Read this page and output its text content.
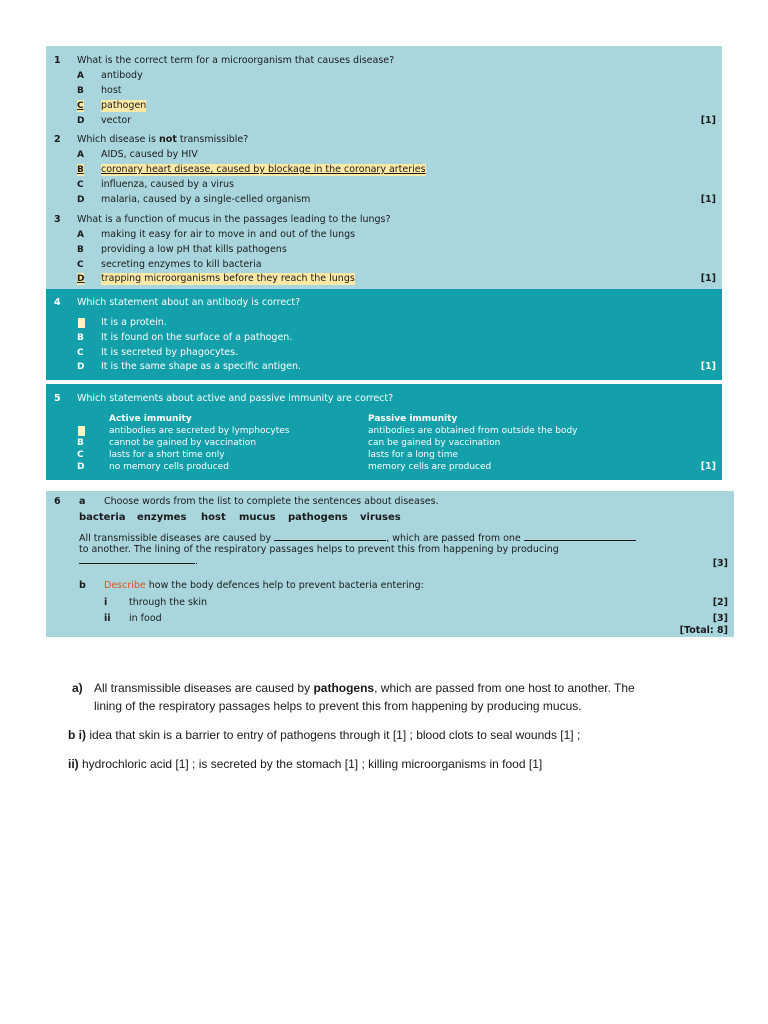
1 What is the correct term for a microorganism that causes disease?
A antibody
B host
C pathogen
D vector	[1]
2 Which disease is not transmissible?
A AIDS, caused by HIV
B coronary heart disease, caused by blockage in the coronary arteries
C influenza, caused by a virus
D malaria, caused by a single-celled organism	[1]
3 What is a function of mucus in the passages leading to the lungs?
A making it easy for air to move in and out of the lungs
B providing a low pH that kills pathogens
C secreting enzymes to kill bacteria
D trapping microorganisms before they reach the lungs	[1]
4 Which statement about an antibody is correct?
It is a protein.
B It is found on the surface of a pathogen.
C It is secreted by phagocytes.
D It is the same shape as a specific antigen.	[1]
5 Which statements about active and passive immunity are correct?
Active immunity	Passive immunity
antibodies are secreted by lymphocytes	antibodies are obtained from outside the body
B	cannot be gained by vaccination	can be gained by vaccination
C	lasts for a short time only	lasts for a long time
D	no memory cells produced	memory cells are produced	[1]
6 a Choose words from the list to complete the sentences about diseases.
bacteria enzymes host mucus pathogens viruses
All transmissible diseases are caused by	, which are passed from one
to another. The lining of the respiratory passages helps to prevent this from happening by producing
.	[3]
b Describe how the body defences help to prevent bacteria entering:
i through the skin	[2]
ii in food	[3]
[Total: 8]
a) All transmissible diseases are caused by pathogens, which are passed from one host to another. The
lining of the respiratory passages helps to prevent this from happening by producing mucus.
b i) idea that skin is a barrier to entry of pathogens through it [1] ; blood clots to seal wounds [1] ;
ii) hydrochloric acid [1] ; is secreted by the stomach [1] ; killing microorganisms in food [1]
